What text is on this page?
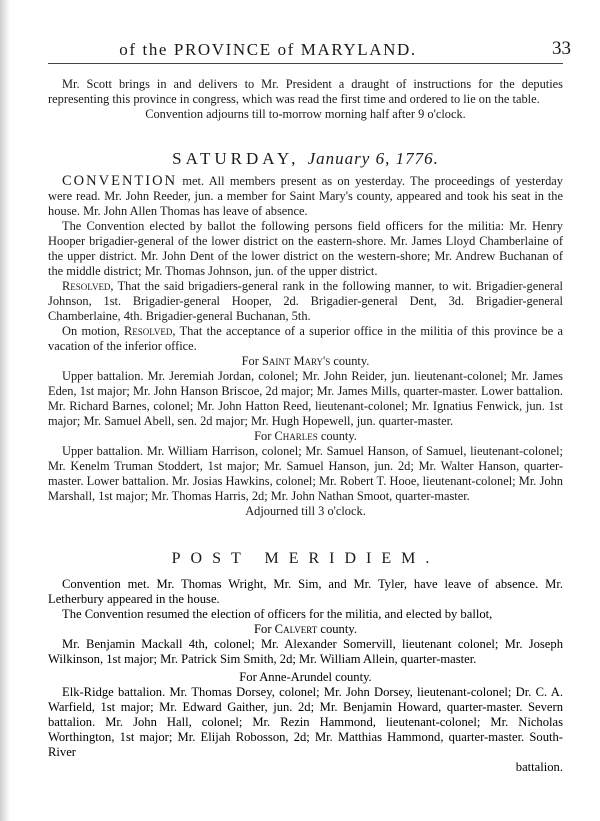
of the PROVINCE of MARYLAND.	33

Mr. Scott brings in and delivers to Mr. President a draught of instructions for the deputies representing this province in congress, which was read the first time and ordered to lie on the table.

Convention adjourns till to-morrow morning half after 9 o'clock.

SATURDAY, January 6, 1776.

CONVENTION met. All members present as on yesterday. The proceedings of yesterday were read. Mr. John Reeder, jun. a member for Saint Mary's county, appeared and took his seat in the house. Mr. John Allen Thomas has leave of absence.

The Convention elected by ballot the following persons field officers for the militia: Mr. Henry Hooper brigadier-general of the lower district on the eastern-shore. Mr. James Lloyd Chamberlaine of the upper district. Mr. John Dent of the lower district on the western-shore; Mr. Andrew Buchanan of the middle district; Mr. Thomas Johnson, jun. of the upper district.

Resolved, That the said brigadiers-general rank in the following manner, to wit. Brigadier-general Johnson, 1st. Brigadier-general Hooper, 2d. Brigadier-general Dent, 3d. Brigadier-general Chamberlaine, 4th. Brigadier-general Buchanan, 5th.

On motion, Resolved, That the acceptance of a superior office in the militia of this province be a vacation of the inferior office.

For Saint Mary's county.

Upper battalion. Mr. Jeremiah Jordan, colonel; Mr. John Reider, jun. lieutenant-colonel; Mr. James Eden, 1st major; Mr. John Hanson Briscoe, 2d major; Mr. James Mills, quarter-master. Lower battalion. Mr. Richard Barnes, colonel; Mr. John Hatton Reed, lieutenant-colonel; Mr. Ignatius Fenwick, jun. 1st major; Mr. Samuel Abell, sen. 2d major; Mr. Hugh Hopewell, jun. quarter-master.

For Charles county.

Upper battalion. Mr. William Harrison, colonel; Mr. Samuel Hanson, of Samuel, lieutenant-colonel; Mr. Kenelm Truman Stoddert, 1st major; Mr. Samuel Hanson, jun. 2d; Mr. Walter Hanson, quarter-master. Lower battalion. Mr. Josias Hawkins, colonel; Mr. Robert T. Hooe, lieutenant-colonel; Mr. John Marshall, 1st major; Mr. Thomas Harris, 2d; Mr. John Nathan Smoot, quarter-master.

Adjourned till 3 o'clock.

POST MERIDIEM.

Convention met. Mr. Thomas Wright, Mr. Sim, and Mr. Tyler, have leave of absence. Mr. Letherbury appeared in the house.

The Convention resumed the election of officers for the militia, and elected by ballot,

For Calvert county.

Mr. Benjamin Mackall 4th, colonel; Mr. Alexander Somervill, lieutenant colonel; Mr. Joseph Wilkinson, 1st major; Mr. Patrick Sim Smith, 2d; Mr. William Allein, quarter-master.

For Anne-Arundel county.

Elk-Ridge battalion. Mr. Thomas Dorsey, colonel; Mr. John Dorsey, lieutenant-colonel; Dr. C. A. Warfield, 1st major; Mr. Edward Gaither, jun. 2d; Mr. Benjamin Howard, quarter-master. Severn battalion. Mr. John Hall, colonel; Mr. Rezin Hammond, lieutenant-colonel; Mr. Nicholas Worthington, 1st major; Mr. Elijah Robosson, 2d; Mr. Matthias Hammond, quarter-master. South-River

battalion.
